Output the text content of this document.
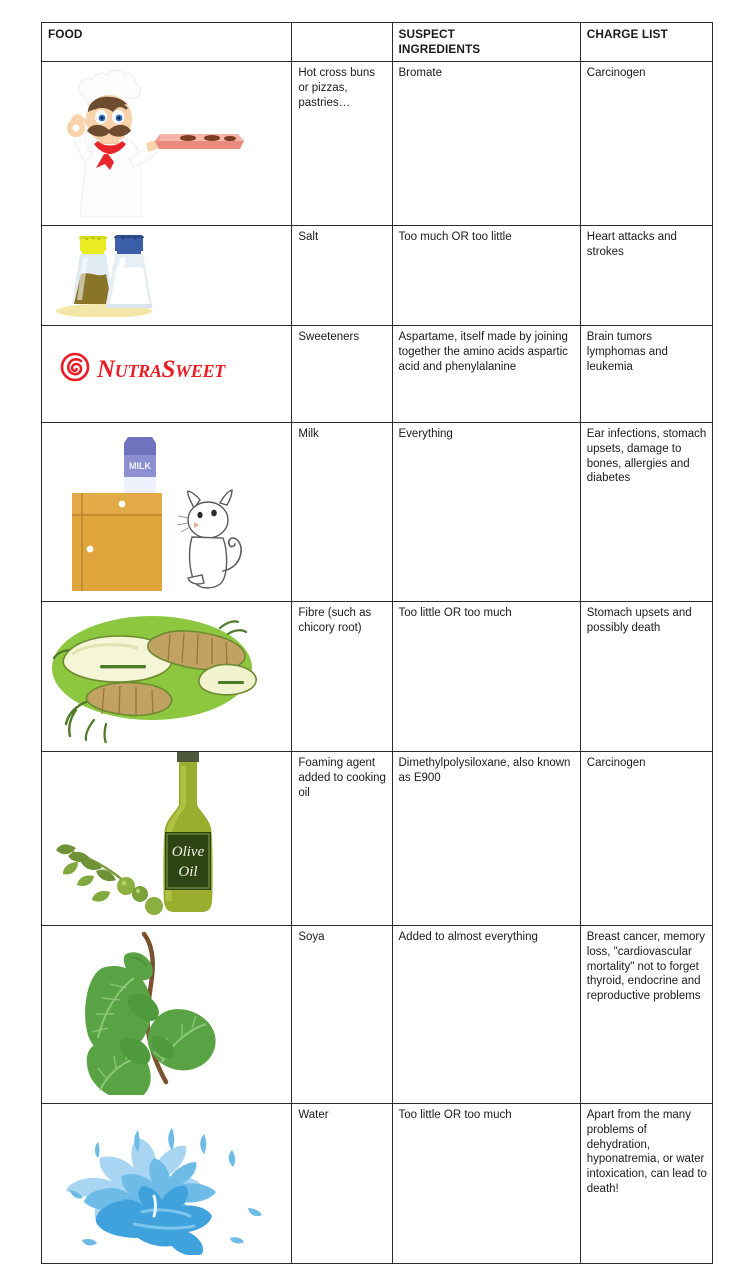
FOOD		SUSPECT
INGREDIENTS	CHARGE LIST

	Hot cross buns or pizzas, pastries…	Bromate	Carcinogen

	Salt	Too much OR too little	Heart attacks and strokes

NutraSweet	Sweeteners	Aspartame, itself made by joining together the amino acids aspartic acid and phenylalanine	Brain tumors lymphomas and leukemia

MILK	Milk	Everything	Ear infections, stomach upsets, damage to bones, allergies and diabetes

	Fibre (such as chicory root)	Too little OR too much	Stomach upsets and possibly death

Olive
Oil	Foaming agent added to cooking oil	Dimethylpolysiloxane, also known as E900	Carcinogen

	Soya	Added to almost everything	Breast cancer, memory loss, "cardiovascular mortality" not to forget thyroid, endocrine and reproductive problems

	Water	Too little OR too much	Apart from the many problems of dehydration, hyponatremia, or water intoxication, can lead to death!
